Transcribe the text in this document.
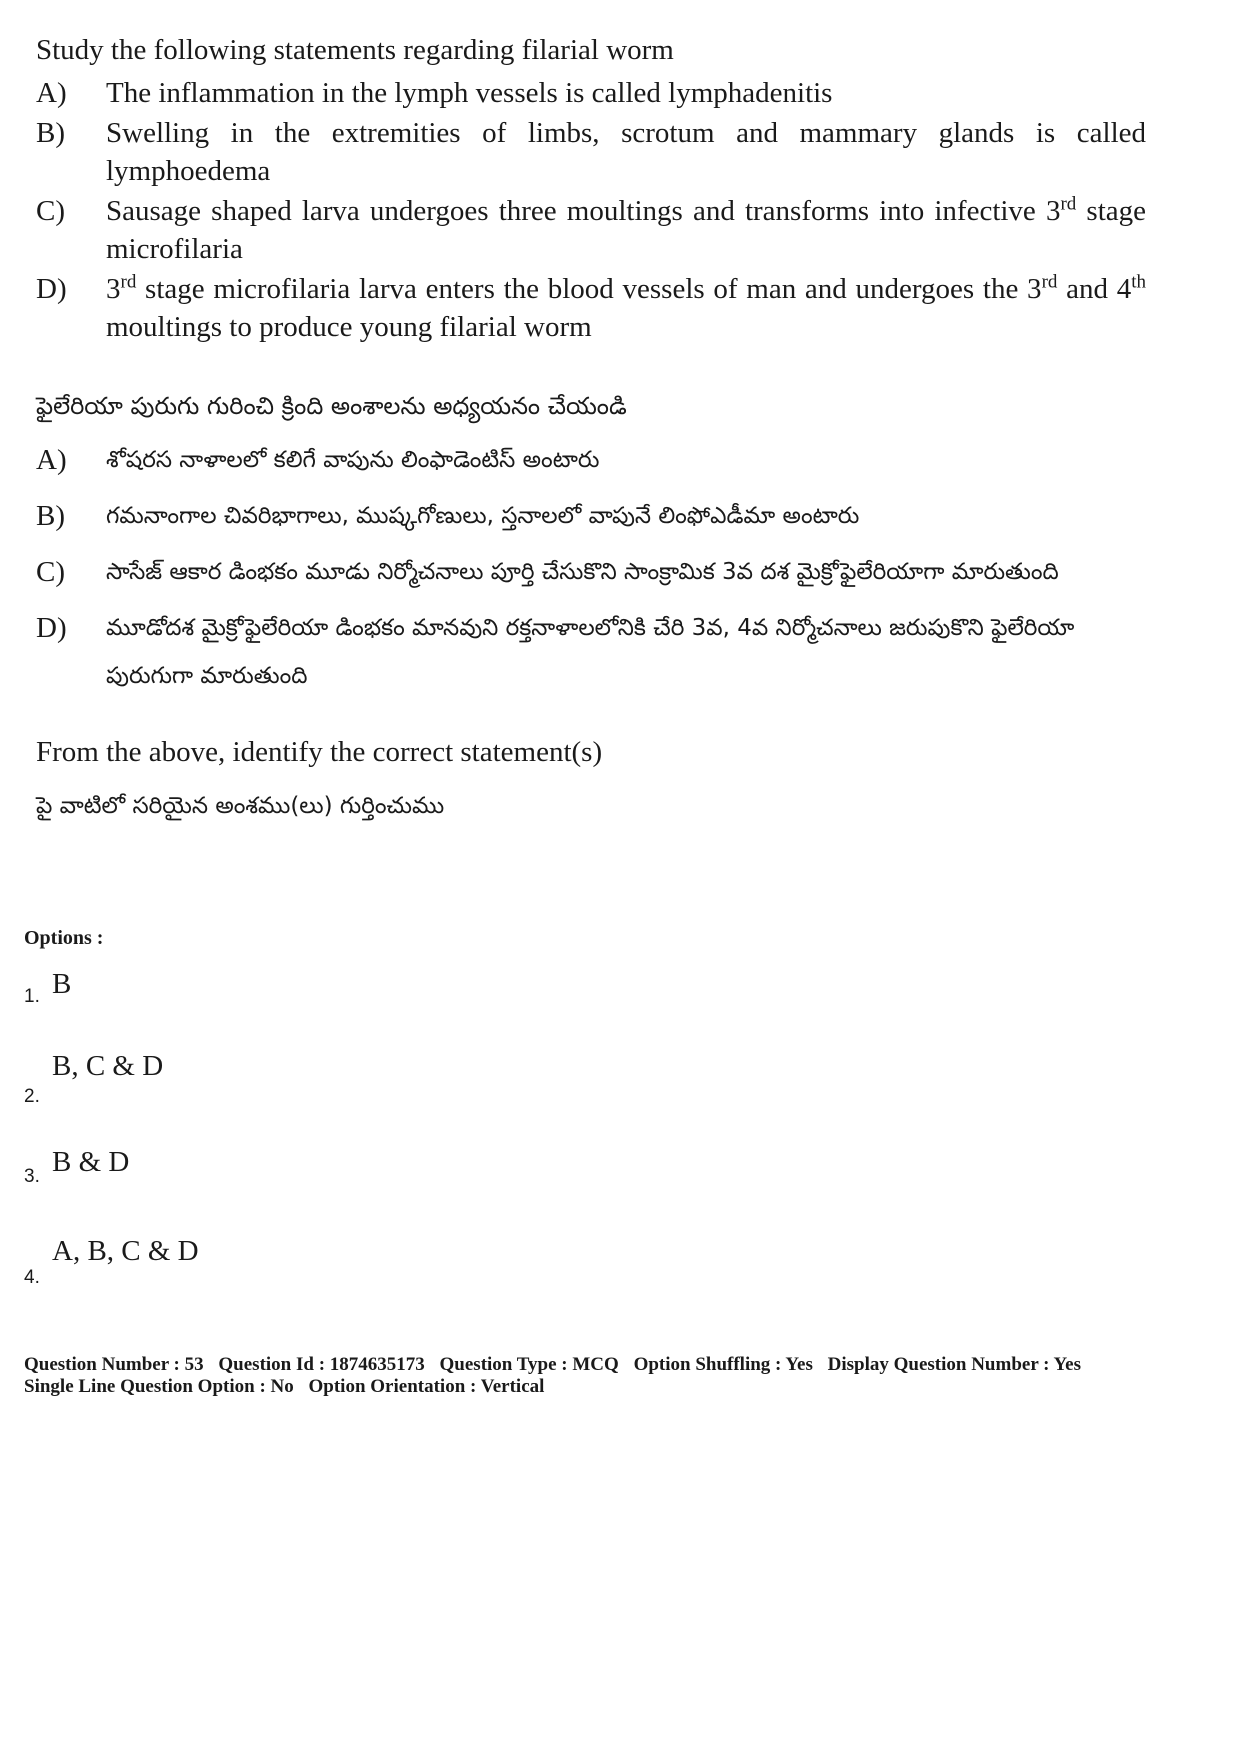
Study the following statements regarding filarial worm
A)	The inflammation in the lymph vessels is called lymphadenitis
B)	Swelling in the extremities of limbs, scrotum and mammary glands is called lymphoedema
C)	Sausage shaped larva undergoes three moultings and transforms into infective 3rd stage microfilaria
D)	3rd stage microfilaria larva enters the blood vessels of man and undergoes the 3rd and 4th moultings to produce young filarial worm
ఫైలేరియా పురుగు గురించి క్రింది అంశాలను అధ్యయనం చేయండి
A)	శోషరస నాళాలలో కలిగే వాపును లింఫాడెంటిస్ అంటారు
B)	గమనాంగాల చివరిభాగాలు, ముష్కగోణులు, స్తనాలలో వాపునే లింఫోఎడీమా అంటారు
C)	సాసేజ్ ఆకార డింభకం మూడు నిర్మోచనాలు పూర్తి చేసుకొని సాంక్రామిక 3వ దశ మైక్రోఫైలేరియాగా మారుతుంది
D)	మూడోదశ మైక్రోఫైలేరియా డింభకం మానవుని రక్తనాళాలలోనికి చేరి 3వ, 4వ నిర్మోచనాలు జరుపుకొని ఫైలేరియా పురుగుగా మారుతుంది
From the above, identify the correct statement(s)
పై వాటిలో సరియైన అంశము(లు) గుర్తించుము
Options :
1. B
2.
B, C & D
3. B & D
4.
A, B, C & D
Question Number : 53 Question Id : 1874635173 Question Type : MCQ Option Shuffling : Yes Display Question Number : Yes
Single Line Question Option : No Option Orientation : Vertical
